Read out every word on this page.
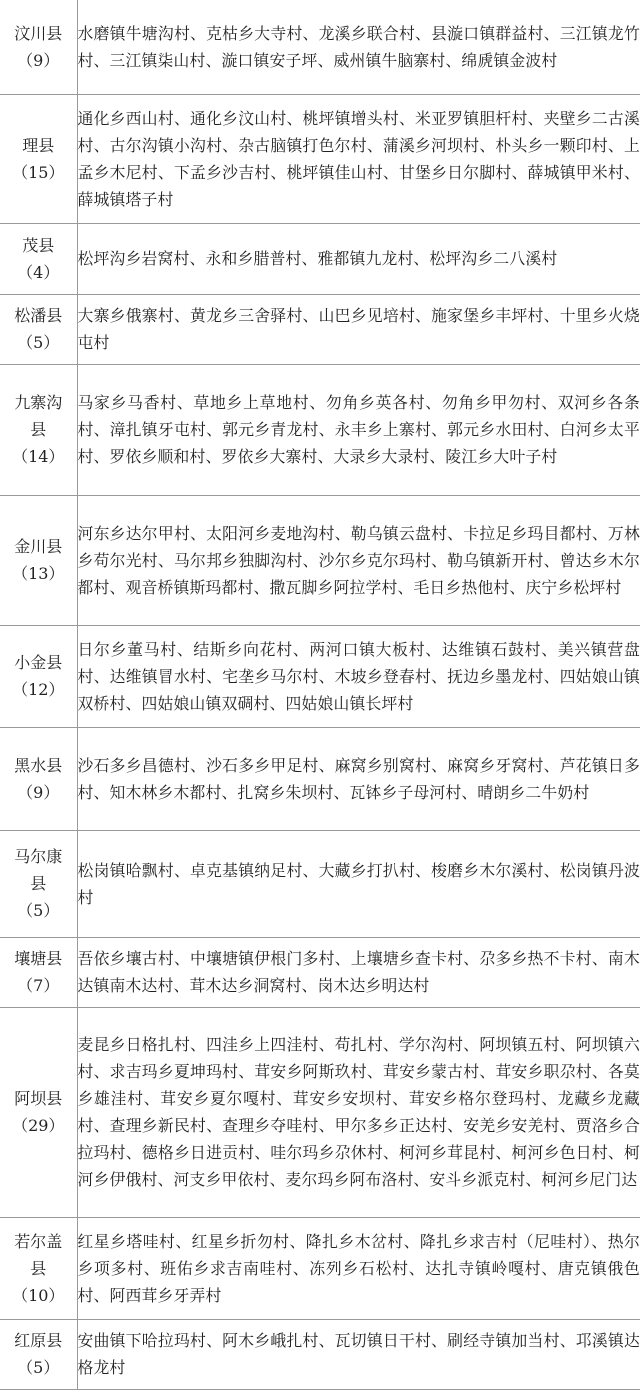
汶川县
（9）	水磨镇牛塘沟村、克枯乡大寺村、龙溪乡联合村、县漩口镇群益村、三江镇龙竹村、三江镇柒山村、漩口镇安子坪、威州镇牛脑寨村、绵虒镇金波村

理县
（15）	通化乡西山村、通化乡汶山村、桃坪镇增头村、米亚罗镇胆杆村、夹壁乡二古溪村、古尔沟镇小沟村、杂古脑镇打色尔村、蒲溪乡河坝村、朴头乡一颗印村、上孟乡木尼村、下孟乡沙吉村、桃坪镇佳山村、甘堡乡日尔脚村、薛城镇甲米村、薛城镇塔子村

茂县
（4）	松坪沟乡岩窝村、永和乡腊普村、雅都镇九龙村、松坪沟乡二八溪村

松潘县
（5）	大寨乡俄寨村、黄龙乡三舍驿村、山巴乡见培村、施家堡乡丰坪村、十里乡火烧屯村

九寨沟
县
（14）	马家乡马香村、草地乡上草地村、勿角乡英各村、勿角乡甲勿村、双河乡各条村、漳扎镇牙屯村、郭元乡青龙村、永丰乡上寨村、郭元乡水田村、白河乡太平村、罗依乡顺和村、罗依乡大寨村、大录乡大录村、陵江乡大叶子村

金川县
（13）	河东乡达尔甲村、太阳河乡麦地沟村、勒乌镇云盘村、卡拉足乡玛目都村、万林乡苟尔光村、马尔邦乡独脚沟村、沙尔乡克尔玛村、勒乌镇新开村、曾达乡木尔都村、观音桥镇斯玛都村、撒瓦脚乡阿拉学村、毛日乡热他村、庆宁乡松坪村

小金县
（12）	日尔乡董马村、结斯乡向花村、两河口镇大板村、达维镇石鼓村、美兴镇营盘村、达维镇冒水村、宅垄乡马尔村、木坡乡登春村、抚边乡墨龙村、四姑娘山镇双桥村、四姑娘山镇双碉村、四姑娘山镇长坪村

黑水县
（9）	沙石多乡昌德村、沙石多乡甲足村、麻窝乡别窝村、麻窝乡牙窝村、芦花镇日多村、知木林乡木都村、扎窝乡朱坝村、瓦钵乡子母河村、晴朗乡二牛奶村

马尔康
县
（5）	松岗镇哈飘村、卓克基镇纳足村、大藏乡打扒村、梭磨乡木尔溪村、松岗镇丹波村

壤塘县
（7）	吾依乡壤古村、中壤塘镇伊根门多村、上壤塘乡查卡村、尕多乡热不卡村、南木达镇南木达村、茸木达乡洞窝村、岗木达乡明达村

阿坝县
（29）	麦昆乡日格扎村、四洼乡上四洼村、苟扎村、学尔沟村、阿坝镇五村、阿坝镇六村、求吉玛乡夏坤玛村、茸安乡阿斯玖村、茸安乡蒙古村、茸安乡职尕村、各莫乡雄洼村、茸安乡夏尔嘎村、茸安乡安坝村、茸安乡格尔登玛村、龙藏乡龙藏村、查理乡新民村、查理乡夺哇村、甲尔多乡正达村、安羌乡安羌村、贾洛乡合拉玛村、德格乡日进贡村、哇尔玛乡尕休村、柯河乡茸昆村、柯河乡色日村、柯河乡伊俄村、河支乡甲依村、麦尔玛乡阿布洛村、安斗乡派克村、柯河乡尼门达

若尔盖
县
（10）	红星乡塔哇村、红星乡折勿村、降扎乡木岔村、降扎乡求吉村（尼哇村）、热尔乡项多村、班佑乡求吉南哇村、冻列乡石松村、达扎寺镇岭嘎村、唐克镇俄色村、阿西茸乡牙弄村

红原县
（5）	安曲镇下哈拉玛村、阿木乡峨扎村、瓦切镇日干村、刷经寺镇加当村、邛溪镇达格龙村
